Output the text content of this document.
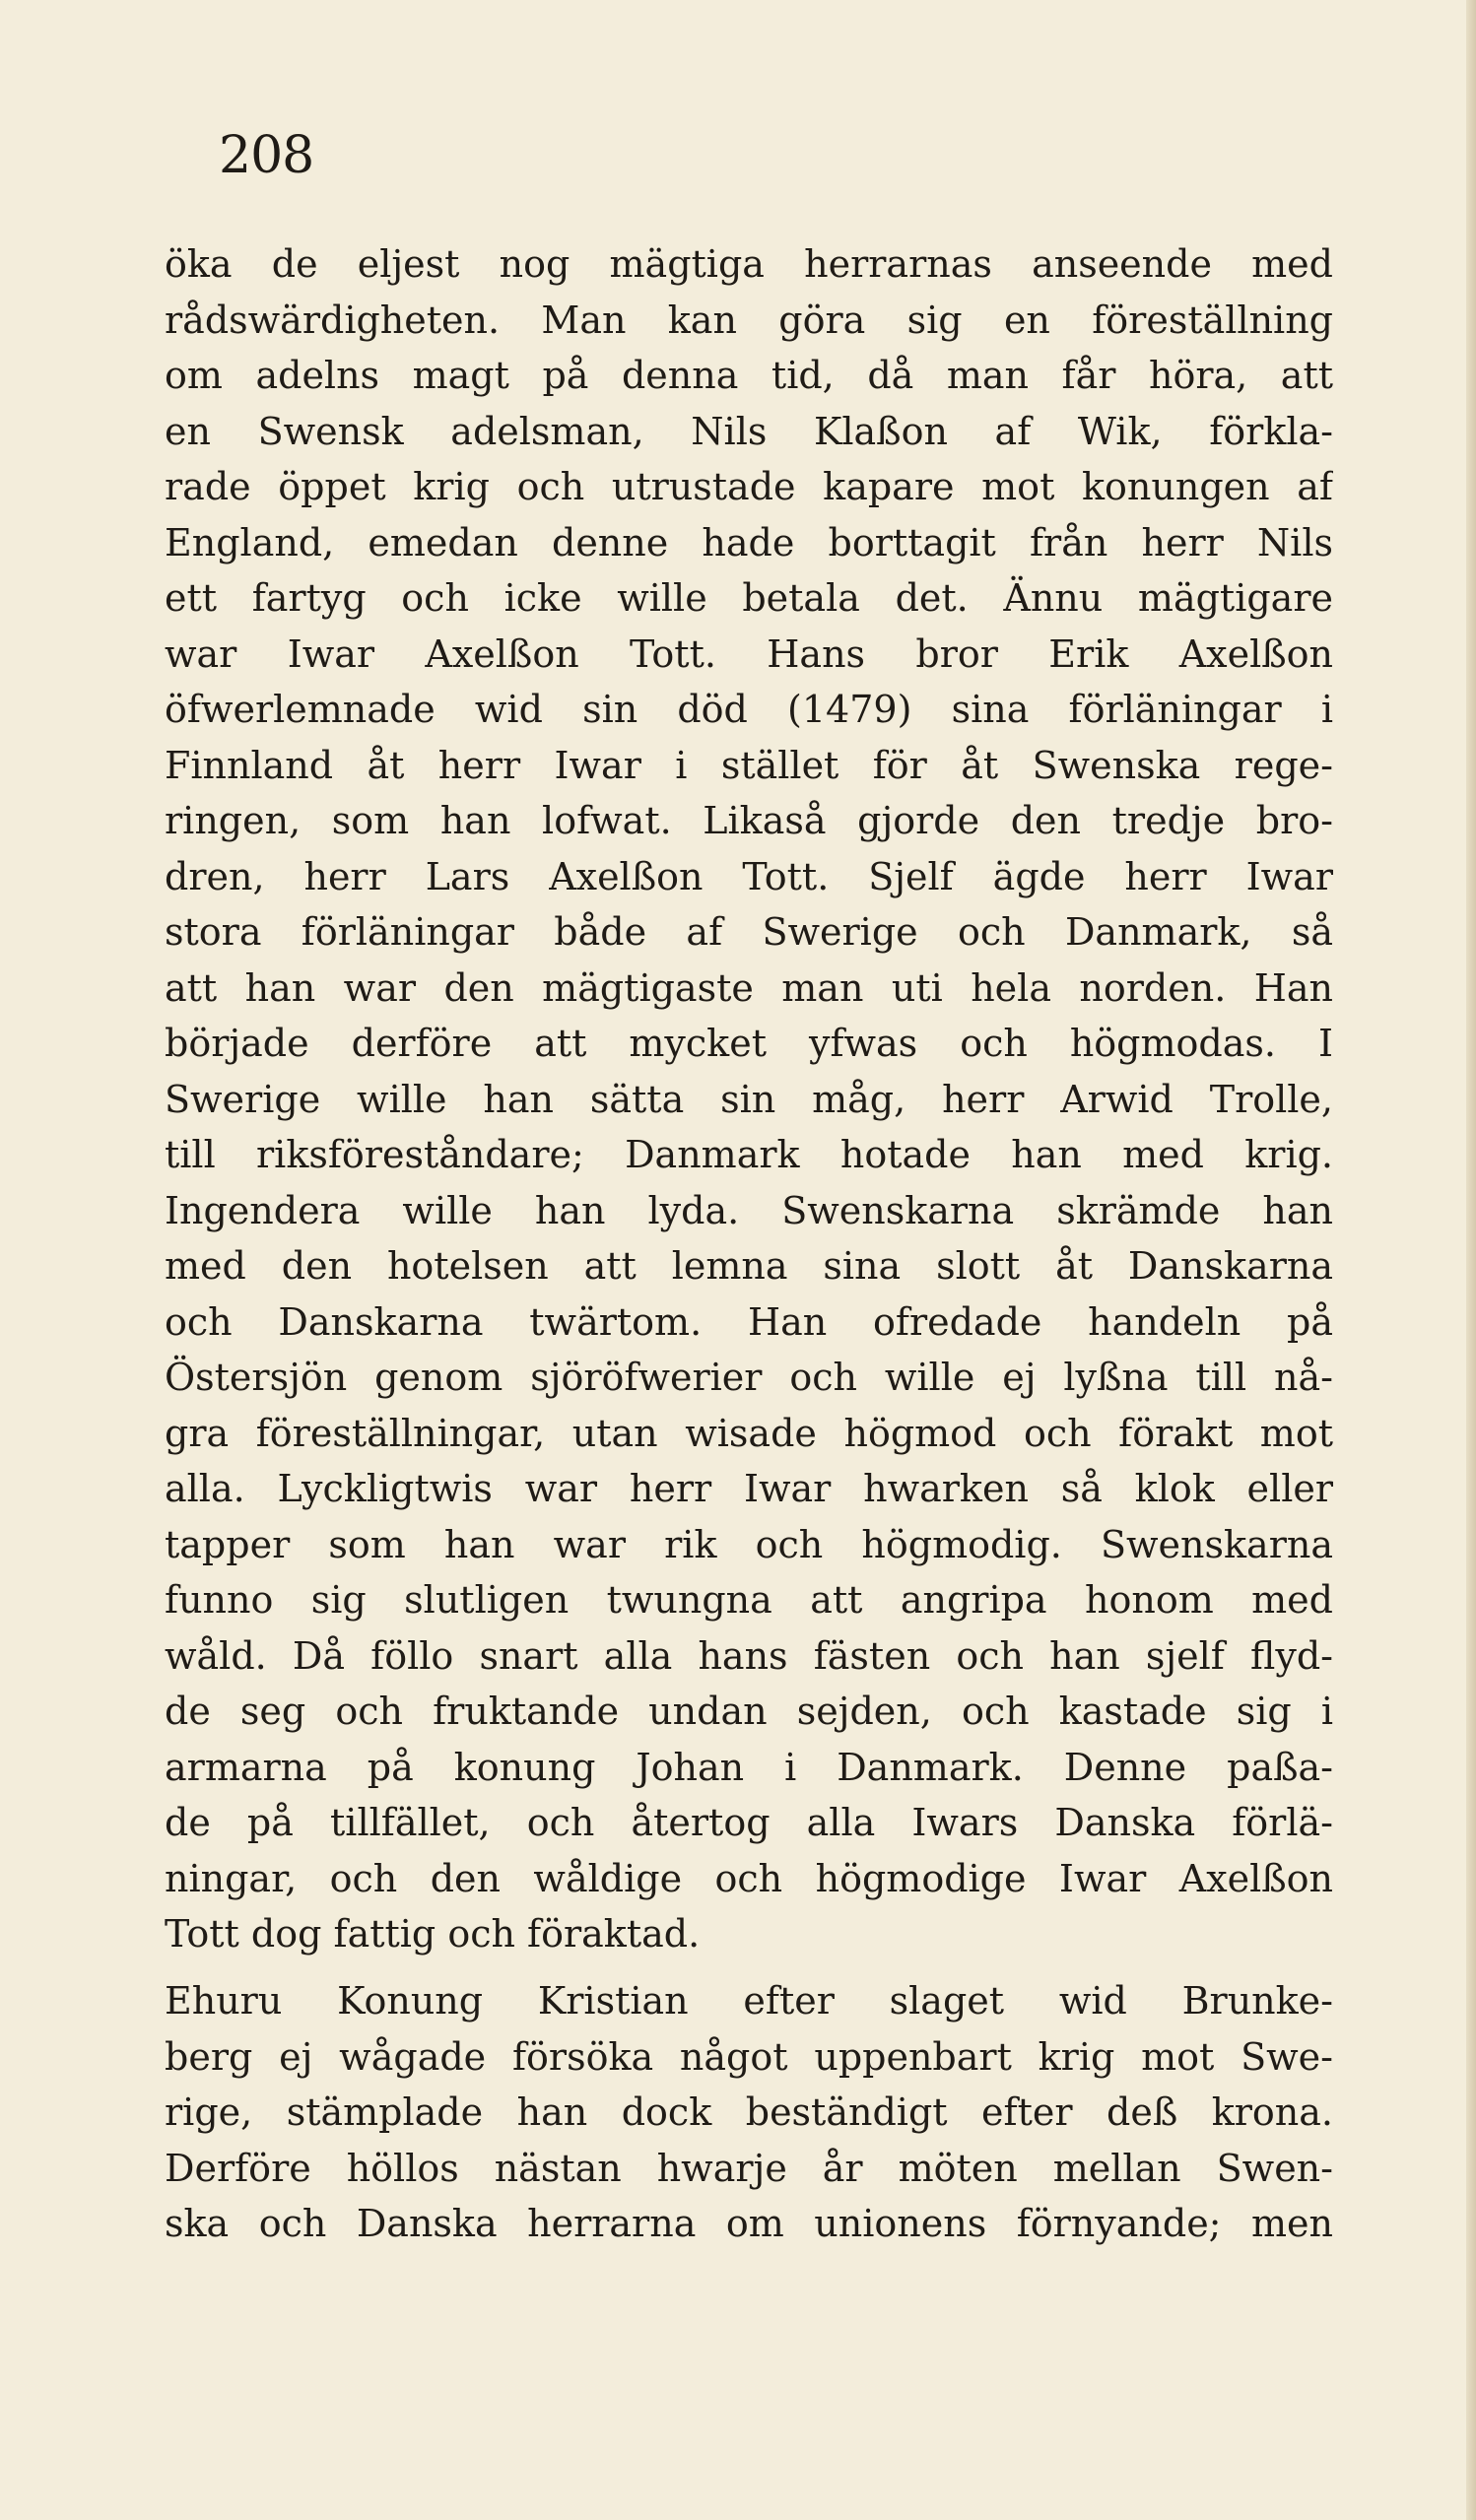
208
öka de eljest nog mägtiga herrarnas anseende med
rådswärdigheten. Man kan göra sig en föreställning
om adelns magt på denna tid, då man får höra, att
en Swensk adelsman, Nils Klaßon af Wik, förkla-
rade öppet krig och utrustade kapare mot konungen af
England, emedan denne hade borttagit från herr Nils
ett fartyg och icke wille betala det. Ännu mägtigare
war Iwar Axelßon Tott. Hans bror Erik Axelßon
öfwerlemnade wid sin död (1479) sina förläningar i
Finnland åt herr Iwar i stället för åt Swenska rege-
ringen, som han lofwat. Likaså gjorde den tredje bro-
dren, herr Lars Axelßon Tott. Sjelf ägde herr Iwar
stora förläningar både af Swerige och Danmark, så
att han war den mägtigaste man uti hela norden. Han
började derföre att mycket yfwas och högmodas. I
Swerige wille han sätta sin måg, herr Arwid Trolle,
till riksföreståndare; Danmark hotade han med krig.
Ingendera wille han lyda. Swenskarna skrämde han
med den hotelsen att lemna sina slott åt Danskarna
och Danskarna twärtom. Han ofredade handeln på
Östersjön genom sjöröfwerier och wille ej lyßna till nå-
gra föreställningar, utan wisade högmod och förakt mot
alla. Lyckligtwis war herr Iwar hwarken så klok eller
tapper som han war rik och högmodig. Swenskarna
funno sig slutligen twungna att angripa honom med
wåld. Då föllo snart alla hans fästen och han sjelf flyd-
de seg och fruktande undan sejden, och kastade sig i
armarna på konung Johan i Danmark. Denne paßa-
de på tillfället, och återtog alla Iwars Danska förlä-
ningar, och den wåldige och högmodige Iwar Axelßon
Tott dog fattig och föraktad.
Ehuru Konung Kristian efter slaget wid Brunke-
berg ej wågade försöka något uppenbart krig mot Swe-
rige, stämplade han dock beständigt efter deß krona.
Derföre höllos nästan hwarje år möten mellan Swen-
ska och Danska herrarna om unionens förnyande; men
